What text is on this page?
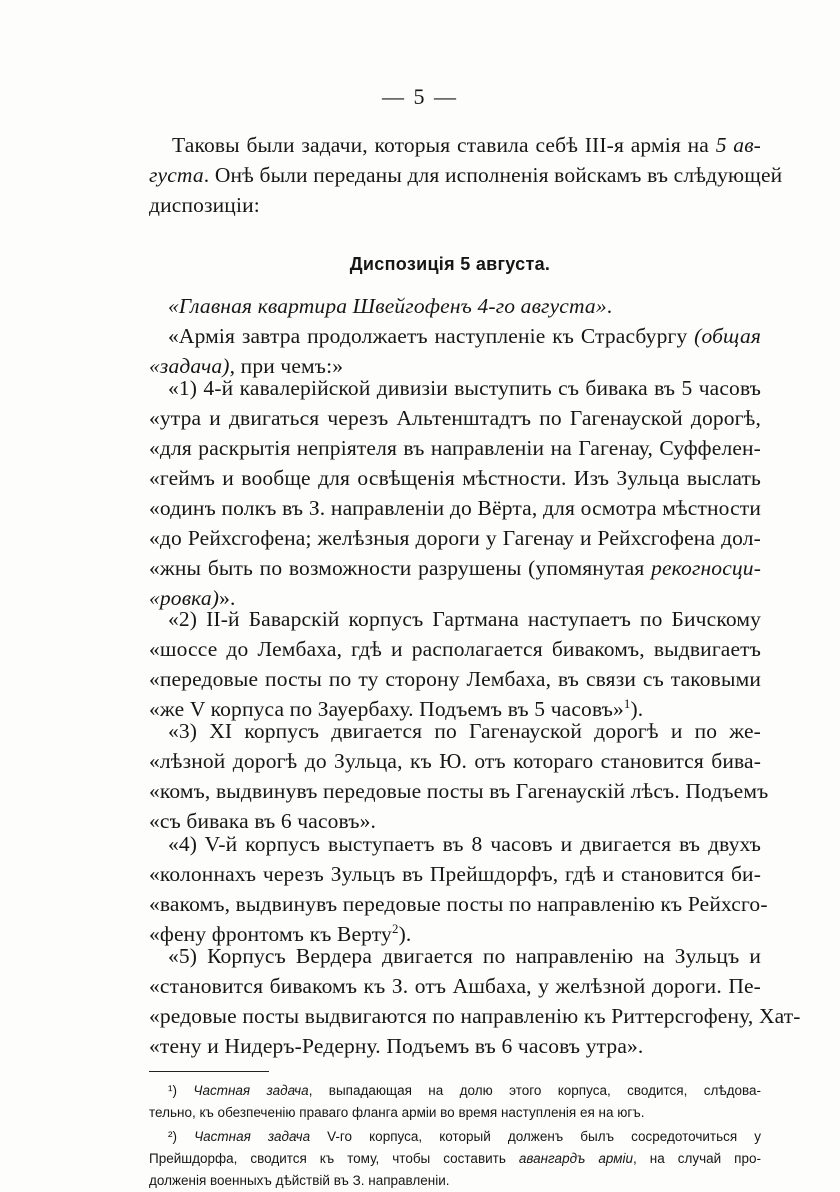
— 5 —
Таковы были задачи, которыя ставила себѣ III-я армія на 5 ав-
густа. Онѣ были переданы для исполненія войскамъ въ слѣдующей
диспозиціи:
Диспозиція 5 августа.
«Главная квартира Швейгофенъ 4-го августа».
«Армія завтра продолжаетъ наступленіе къ Страсбургу (общая
«задача), при чемъ:»
«1) 4-й кавалерійской дивизіи выступить съ бивака въ 5 часовъ
«утра и двигаться черезъ Альтенштадтъ по Гагенауской дорогѣ,
«для раскрытія непріятеля въ направленіи на Гагенау, Суффелен-
«геймъ и вообще для освѣщенія мѣстности. Изъ Зульца выслать
«одинъ полкъ въ З. направленіи до Вёрта, для осмотра мѣстности
«до Рейхсгофена; желѣзныя дороги у Гагенау и Рейхсгофена дол-
«жны быть по возможности разрушены (упомянутая рекогносци-
«ровка)».
«2) II-й Баварскій корпусъ Гартмана наступаетъ по Бичскому
«шоссе до Лембаха, гдѣ и располагается бивакомъ, выдвигаетъ
«передовые посты по ту сторону Лембаха, въ связи съ таковыми
«же V корпуса по Зауербаху. Подъемъ въ 5 часовъ»$^1$).
«3) XI корпусъ двигается по Гагенауской дорогѣ и по же-
«лѣзной дорогѣ до Зульца, къ Ю. отъ котораго становится бива-
«комъ, выдвинувъ передовые посты въ Гагенаускій лѣсъ. Подъемъ
«съ бивака въ 6 часовъ».
«4) V-й корпусъ выступаетъ въ 8 часовъ и двигается въ двухъ
«колоннахъ черезъ Зульцъ въ Прейшдорфъ, гдѣ и становится би-
«вакомъ, выдвинувъ передовые посты по направленію къ Рейхсго-
«фену фронтомъ къ Верту$^2$).
«5) Корпусъ Вердера двигается по направленію на Зульцъ и
«становится бивакомъ къ З. отъ Ашбаха, у желѣзной дороги. Пе-
«редовые посты выдвигаются по направленію къ Риттерсгофену, Хат-
«тену и Нидеръ-Редерну. Подъемъ въ 6 часовъ утра».
¹) Частная задача, выпадающая на долю этого корпуса, сводится, слѣдова-
тельно, къ обезпеченію праваго фланга арміи во время наступленія ея на югъ.
²) Частная задача V-го корпуса, который долженъ былъ сосредоточиться у
Прейшдорфа, сводится къ тому, чтобы составить авангардъ арміи, на случай про-
долженія военныхъ дѣйствій въ З. направленіи.
